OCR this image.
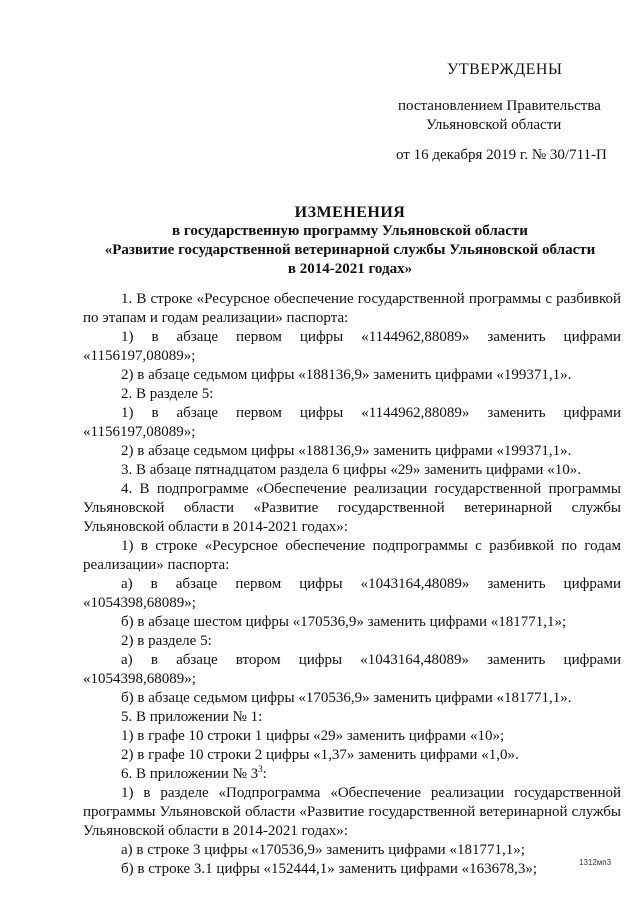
УТВЕРЖДЕНЫ
постановлением Правительства
Ульяновской области
от 16 декабря 2019 г. № 30/711-П
ИЗМЕНЕНИЯ
в государственную программу Ульяновской области
«Развитие государственной ветеринарной службы Ульяновской области
в 2014-2021 годах»

1. В строке «Ресурсное обеспечение государственной программы с разбивкой по этапам и годам реализации» паспорта:

1) в абзаце первом цифры «1144962,88089» заменить цифрами «1156197,08089»;

2) в абзаце седьмом цифры «188136,9» заменить цифрами «199371,1».

2. В разделе 5:

1) в абзаце первом цифры «1144962,88089» заменить цифрами «1156197,08089»;

2) в абзаце седьмом цифры «188136,9» заменить цифрами «199371,1».

3. В абзаце пятнадцатом раздела 6 цифры «29» заменить цифрами «10».

4. В подпрограмме «Обеспечение реализации государственной программы Ульяновской области «Развитие государственной ветеринарной службы Ульяновской области в 2014-2021 годах»:

1) в строке «Ресурсное обеспечение подпрограммы с разбивкой по годам реализации» паспорта:

а) в абзаце первом цифры «1043164,48089» заменить цифрами «1054398,68089»;

б) в абзаце шестом цифры «170536,9» заменить цифрами «181771,1»;

2) в разделе 5:

а) в абзаце втором цифры «1043164,48089» заменить цифрами «1054398,68089»;

б) в абзаце седьмом цифры «170536,9» заменить цифрами «181771,1».

5. В приложении № 1:

1) в графе 10 строки 1 цифры «29» заменить цифрами «10»;

2) в графе 10 строки 2 цифры «1,37» заменить цифрами «1,0».

6. В приложении № $3^3$:

1) в разделе «Подпрограмма «Обеспечение реализации государственной программы Ульяновской области «Развитие государственной ветеринарной службы Ульяновской области в 2014-2021 годах»:

а) в строке 3 цифры «170536,9» заменить цифрами «181771,1»;

б) в строке 3.1 цифры «152444,1» заменить цифрами «163678,3»;	1312мп3
